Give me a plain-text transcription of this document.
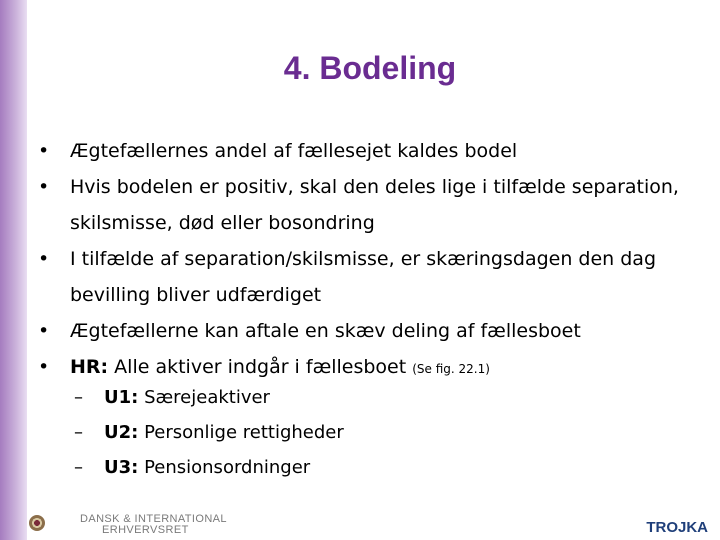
4. Bodeling
• Ægtefællernes andel af fællesejet kaldes bodel
• Hvis bodelen er positiv, skal den deles lige i tilfælde separation, skilsmisse, død eller bosondring
• I tilfælde af separation/skilsmisse, er skæringsdagen den dag bevilling bliver udfærdiget
• Ægtefællerne kan aftale en skæv deling af fællesboet
• HR: Alle aktiver indgår i fællesboet (Se fig. 22.1)
– U1: Særejeaktiver
– U2: Personlige rettigheder
– U3: Pensionsordninger
DANSK & INTERNATIONAL
ERHVERVSRET	TROJKA
